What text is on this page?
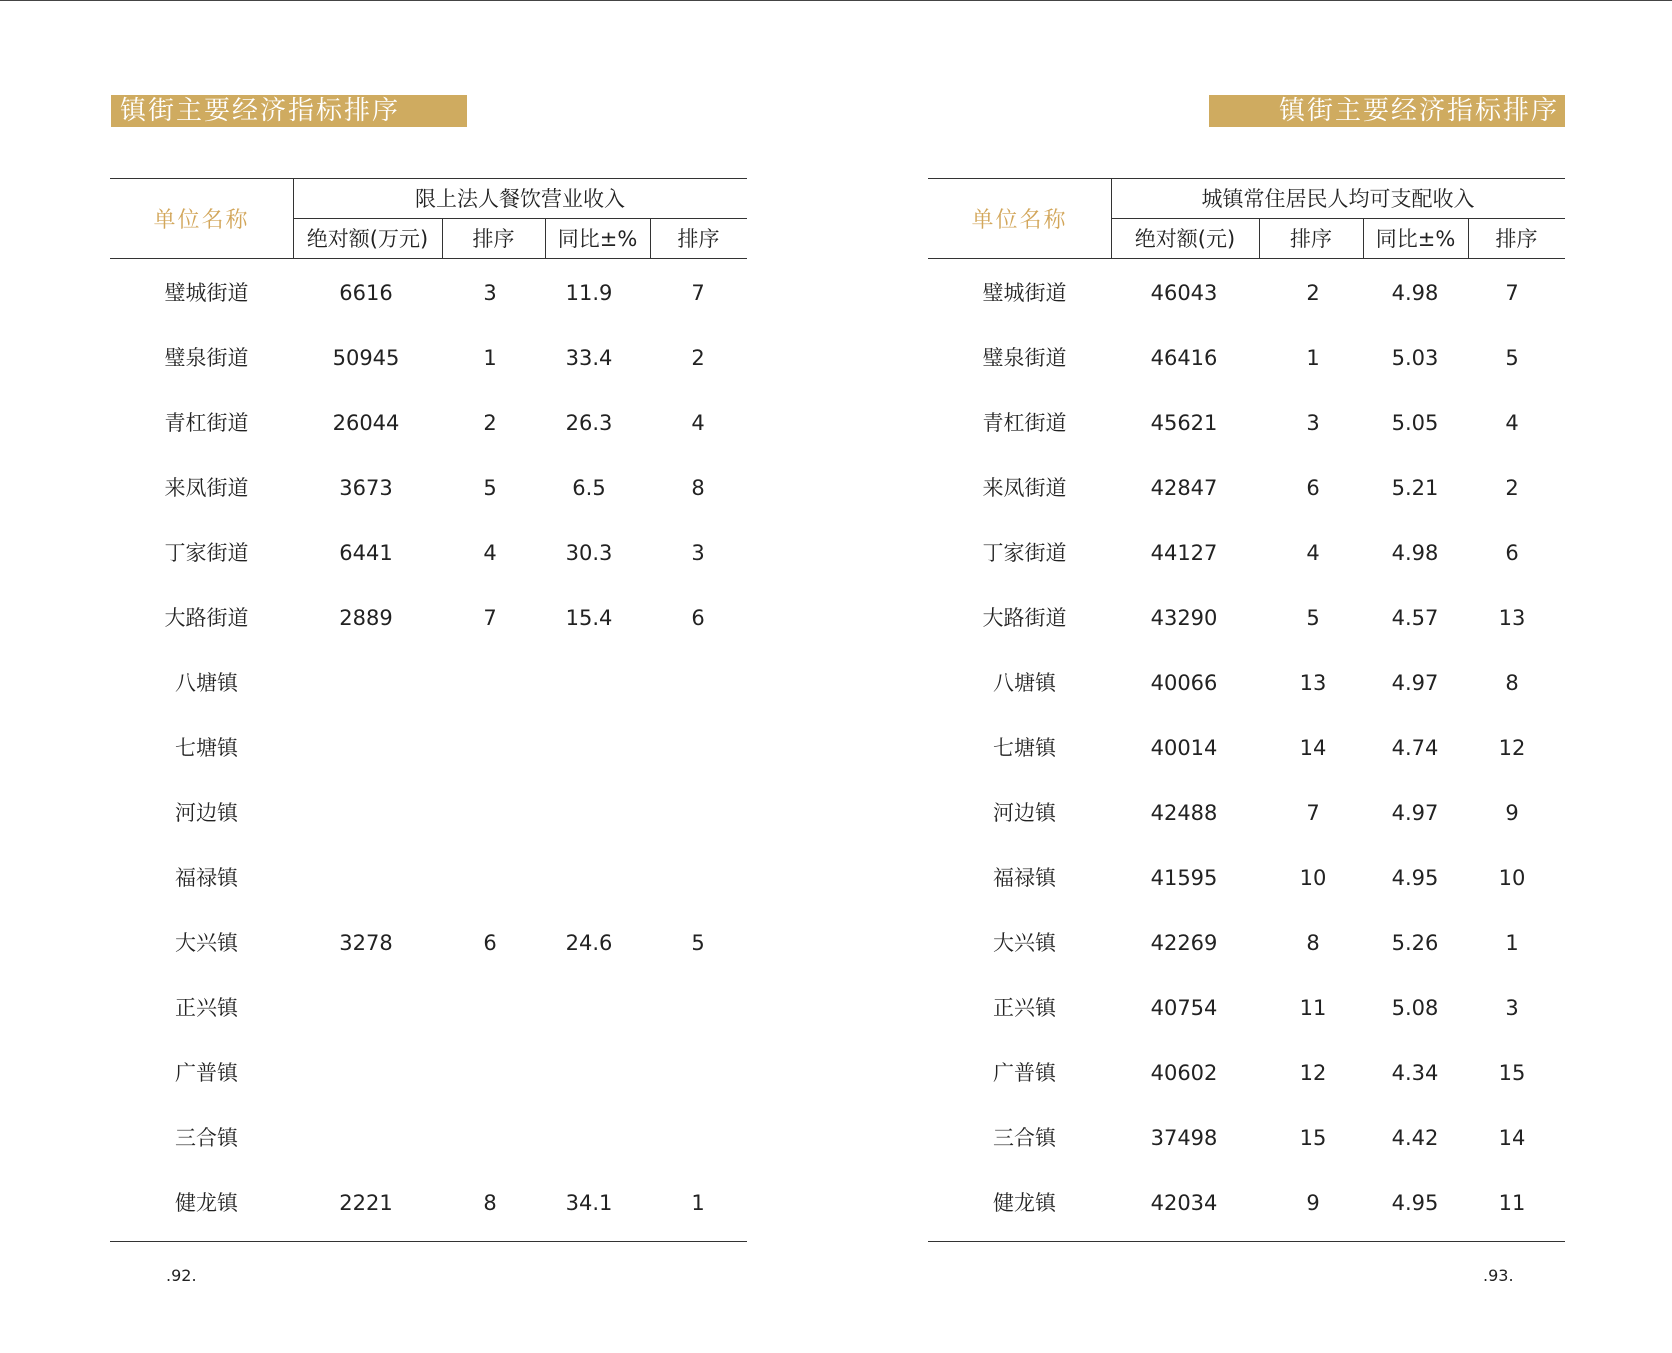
镇街主要经济指标排序	镇街主要经济指标排序
单位名称
限上法人餐饮营业收入
绝对额(万元)	排序	同比±%	排序
璧城街道	6616	3	11.9	7
璧泉街道	50945	1	33.4	2
青杠街道	26044	2	26.3	4
来凤街道	3673	5	6.5	8
丁家街道	6441	4	30.3	3
大路街道	2889	7	15.4	6
八塘镇
七塘镇
河边镇
福禄镇
大兴镇	3278	6	24.6	5
正兴镇
广普镇
三合镇
健龙镇	2221	8	34.1	1
单位名称
城镇常住居民人均可支配收入
绝对额(元)	排序	同比±%	排序
璧城街道	46043	2	4.98	7
璧泉街道	46416	1	5.03	5
青杠街道	45621	3	5.05	4
来凤街道	42847	6	5.21	2
丁家街道	44127	4	4.98	6
大路街道	43290	5	4.57	13
八塘镇	40066	13	4.97	8
七塘镇	40014	14	4.74	12
河边镇	42488	7	4.97	9
福禄镇	41595	10	4.95	10
大兴镇	42269	8	5.26	1
正兴镇	40754	11	5.08	3
广普镇	40602	12	4.34	15
三合镇	37498	15	4.42	14
健龙镇	42034	9	4.95	11
.92.	.93.
